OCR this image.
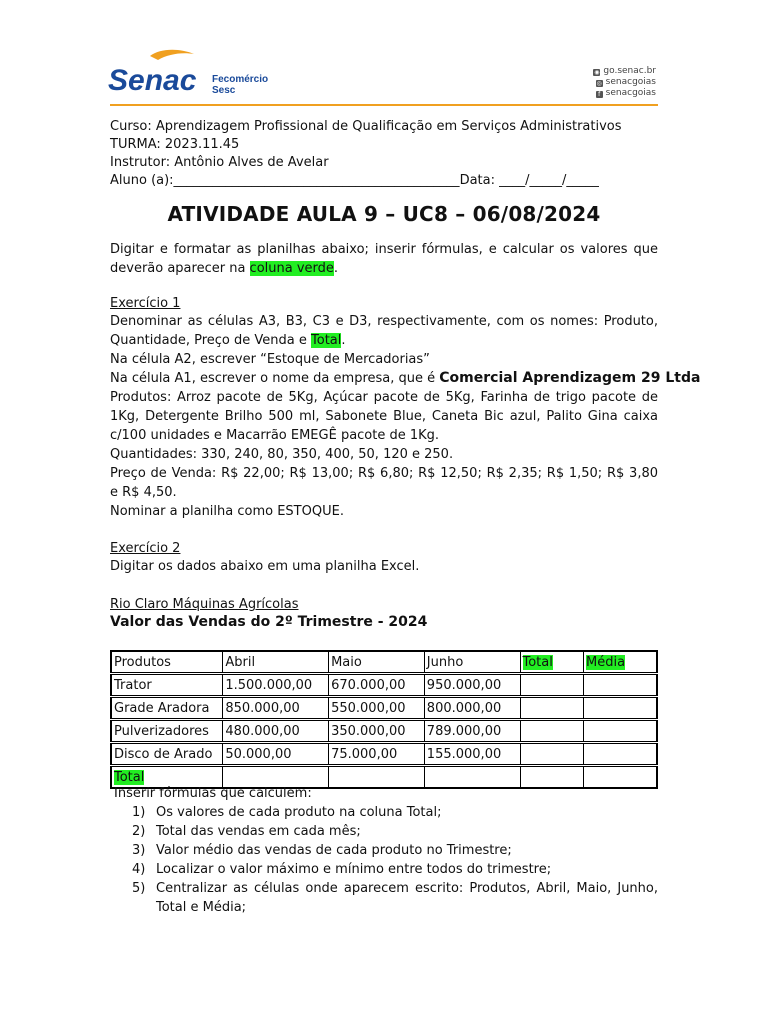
Senac Fecomércio
Sesc
◉ go.senac.br
◎ senacgoias
f senacgoias
Curso: Aprendizagem Profissional de Qualificação em Serviços Administrativos
TURMA: 2023.11.45
Instrutor: Antônio Alves de Avelar
Aluno (a):____________________________________________Data: ____/_____/_____
ATIVIDADE AULA 9 – UC8 – 06/08/2024
Digitar e formatar as planilhas abaixo; inserir fórmulas, e calcular os valores que deverão aparecer na coluna verde.
Exercício 1
Denominar as células A3, B3, C3 e D3, respectivamente, com os nomes: Produto, Quantidade, Preço de Venda e Total.
Na célula A2, escrever “Estoque de Mercadorias”
Na célula A1, escrever o nome da empresa, que é Comercial Aprendizagem 29 Ltda
Produtos: Arroz pacote de 5Kg, Açúcar pacote de 5Kg, Farinha de trigo pacote de 1Kg, Detergente Brilho 500 ml, Sabonete Blue, Caneta Bic azul, Palito Gina caixa c/100 unidades e Macarrão EMEGÊ pacote de 1Kg.
Quantidades: 330, 240, 80, 350, 400, 50, 120 e 250.
Preço de Venda: R$ 22,00; R$ 13,00; R$ 6,80; R$ 12,50; R$ 2,35; R$ 1,50; R$ 3,80 e R$ 4,50.
Nominar a planilha como ESTOQUE.
Exercício 2
Digitar os dados abaixo em uma planilha Excel.
Rio Claro Máquinas Agrícolas
Valor das Vendas do 2º Trimestre - 2024
Produtos	Abril	Maio	Junho	Total	Média
Trator	1.500.000,00	670.000,00	950.000,00		
Grade Aradora	850.000,00	550.000,00	800.000,00		
Pulverizadores	480.000,00	350.000,00	789.000,00		
Disco de Arado	50.000,00	75.000,00	155.000,00		
Total					
Inserir fórmulas que calculem:
1) Os valores de cada produto na coluna Total;
2) Total das vendas em cada mês;
3) Valor médio das vendas de cada produto no Trimestre;
4) Localizar o valor máximo e mínimo entre todos do trimestre;
5) Centralizar as células onde aparecem escrito: Produtos, Abril, Maio, Junho, Total e Média;
